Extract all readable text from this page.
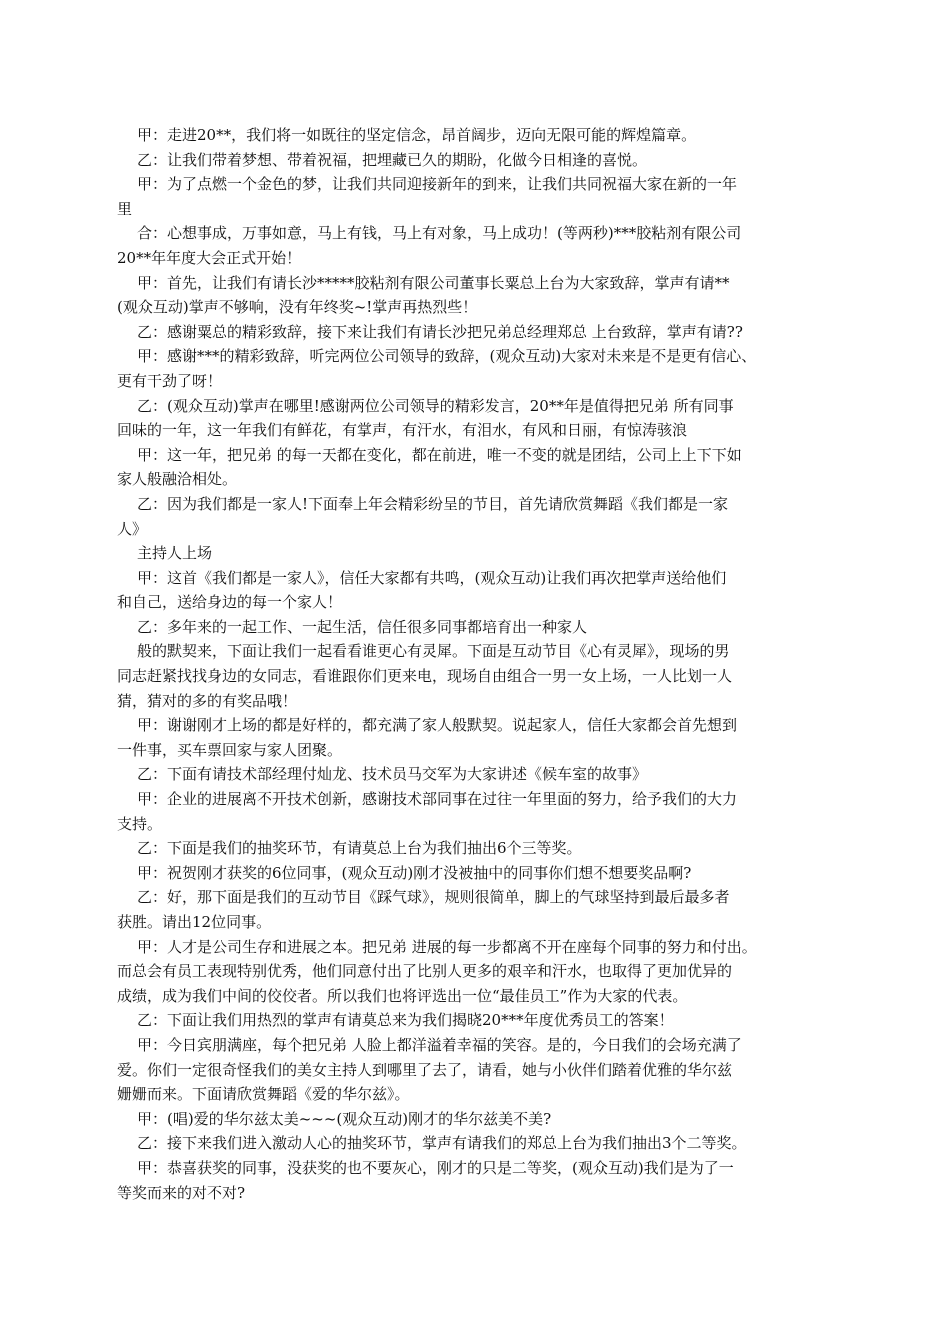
甲：走进20**，我们将一如既往的坚定信念，昂首阔步，迈向无限可能的辉煌篇章。
乙：让我们带着梦想、带着祝福，把埋藏已久的期盼，化做今日相逢的喜悦。
甲：为了点燃一个金色的梦，让我们共同迎接新年的到来，让我们共同祝福大家在新的一年
里
合：心想事成，万事如意，马上有钱，马上有对象，马上成功！(等两秒)***胶粘剂有限公司
20**年年度大会正式开始！
甲：首先，让我们有请长沙*****胶粘剂有限公司董事长粟总上台为大家致辞，掌声有请**
(观众互动)掌声不够响，没有年终奖~!掌声再热烈些！
乙：感谢粟总的精彩致辞，接下来让我们有请长沙把兄弟总经理郑总 上台致辞，掌声有请??
甲：感谢***的精彩致辞，听完两位公司领导的致辞，(观众互动)大家对未来是不是更有信心、
更有干劲了呀！
乙：(观众互动)掌声在哪里!感谢两位公司领导的精彩发言，20**年是值得把兄弟 所有同事
回味的一年，这一年我们有鲜花，有掌声，有汗水，有泪水，有风和日丽，有惊涛骇浪
甲：这一年，把兄弟 的每一天都在变化，都在前进，唯一不变的就是团结，公司上上下下如
家人般融洽相处。
乙：因为我们都是一家人!下面奉上年会精彩纷呈的节目，首先请欣赏舞蹈《我们都是一家
人》
主持人上场
甲：这首《我们都是一家人》，信任大家都有共鸣，(观众互动)让我们再次把掌声送给他们
和自己，送给身边的每一个家人！
乙：多年来的一起工作、一起生活，信任很多同事都培育出一种家人
般的默契来，下面让我们一起看看谁更心有灵犀。下面是互动节目《心有灵犀》，现场的男
同志赶紧找找身边的女同志，看谁跟你们更来电，现场自由组合一男一女上场，一人比划一人
猜，猜对的多的有奖品哦！
甲：谢谢刚才上场的都是好样的，都充满了家人般默契。说起家人，信任大家都会首先想到
一件事，买车票回家与家人团聚。
乙：下面有请技术部经理付灿龙、技术员马交军为大家讲述《候车室的故事》
甲：企业的进展离不开技术创新，感谢技术部同事在过往一年里面的努力，给予我们的大力
支持。
乙：下面是我们的抽奖环节，有请莫总上台为我们抽出6个三等奖。
甲：祝贺刚才获奖的6位同事，(观众互动)刚才没被抽中的同事你们想不想要奖品啊?
乙：好，那下面是我们的互动节目《踩气球》，规则很简单，脚上的气球坚持到最后最多者
获胜。请出12位同事。
甲：人才是公司生存和进展之本。把兄弟 进展的每一步都离不开在座每个同事的努力和付出。
而总会有员工表现特别优秀，他们同意付出了比别人更多的艰辛和汗水，也取得了更加优异的
成绩，成为我们中间的佼佼者。所以我们也将评选出一位“最佳员工”作为大家的代表。
乙：下面让我们用热烈的掌声有请莫总来为我们揭晓20***年度优秀员工的答案！
甲：今日宾朋满座，每个把兄弟 人脸上都洋溢着幸福的笑容。是的，今日我们的会场充满了
爱。你们一定很奇怪我们的美女主持人到哪里了去了，请看，她与小伙伴们踏着优雅的华尔兹
姗姗而来。下面请欣赏舞蹈《爱的华尔兹》。
甲：(唱)爱的华尔兹太美~~~(观众互动)刚才的华尔兹美不美?
乙：接下来我们进入激动人心的抽奖环节，掌声有请我们的郑总上台为我们抽出3个二等奖。
甲：恭喜获奖的同事，没获奖的也不要灰心，刚才的只是二等奖，(观众互动)我们是为了一
等奖而来的对不对?
